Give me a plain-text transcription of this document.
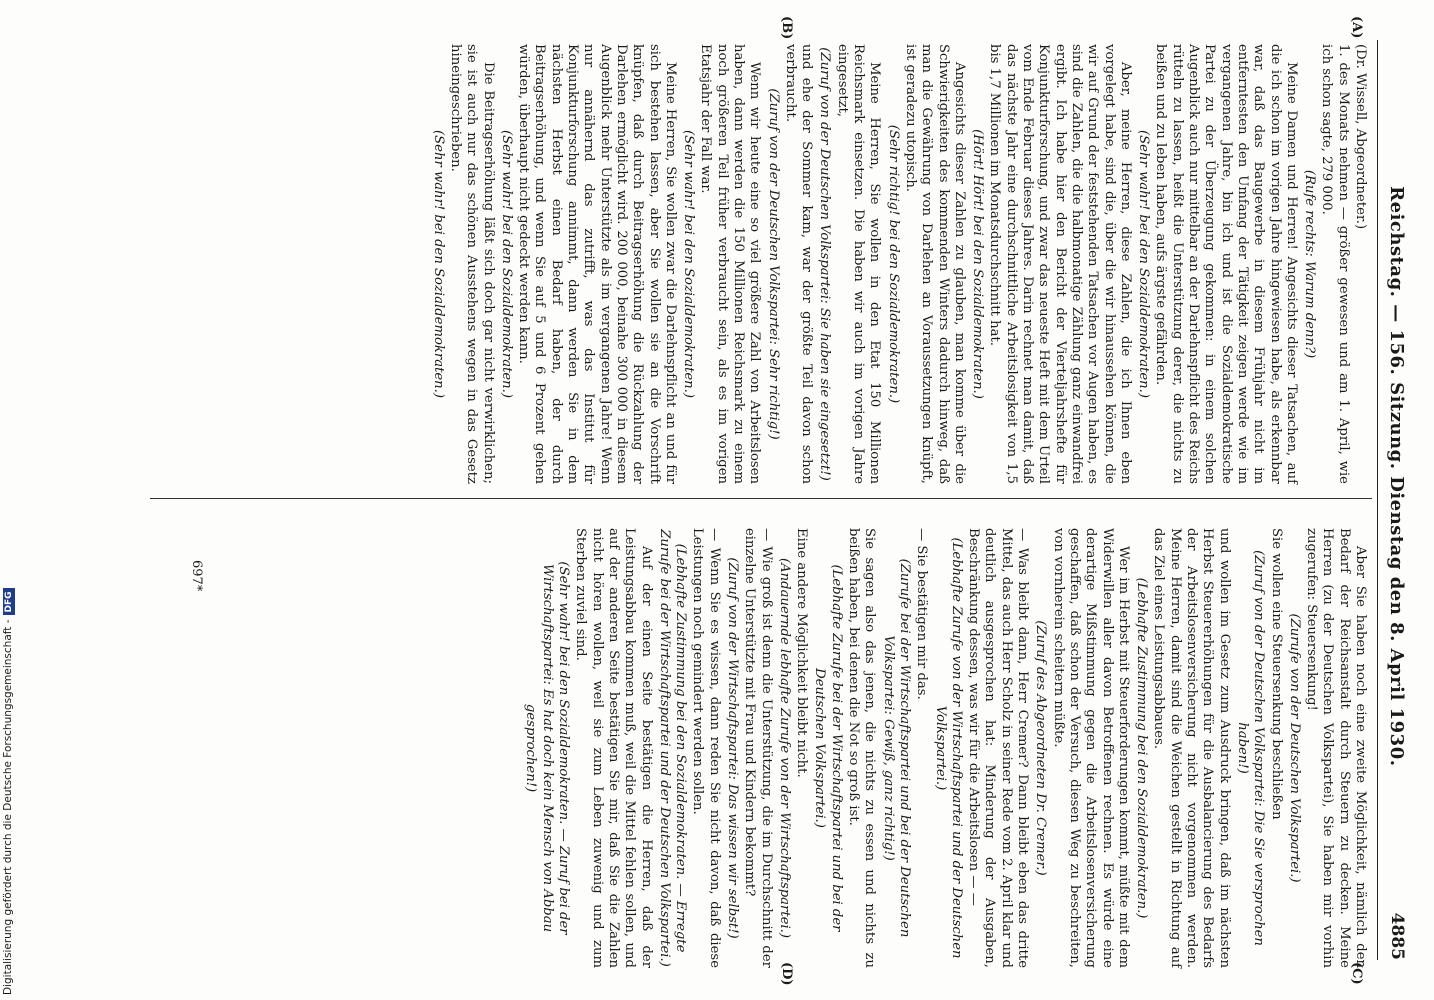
Reichstag. — 156. Sitzung. Dienstag den 8. April 1930.
4885
(A)
(B)
(C)
(D)

(Dr. Wissell, Abgeordneter.)

1. des Monats nehmen — größer gewesen und am 1. April, wie ich schon sagte, 279 000.

(Rufe rechts: Warum denn?)

Meine Damen und Herren! Angesichts dieser Tatsachen, auf die ich schon im vorigen Jahre hingewiesen habe, als erkennbar war, daß das Baugewerbe in diesem Frühjahr nicht im entferntesten den Umfang der Tätigkeit zeigen werde wie im vergangenen Jahre, bin ich und ist die Sozialdemokratische Partei zu der Überzeugung gekommen: in einem solchen Augenblick auch nur mittelbar an der Darlehnspflicht des Reichs rütteln zu lassen, heißt die Unterstützung derer, die nichts zu beißen und zu leben haben, aufs ärgste gefährden.

(Sehr wahr! bei den Sozialdemokraten.)

Aber, meine Herren, diese Zahlen, die ich Ihnen eben vorgelegt habe, sind die, über die wir hinaussehen können, die wir auf Grund der feststehenden Tatsachen vor Augen haben, es sind die Zahlen, die die halbmonatige Zählung ganz einwandfrei ergibt. Ich habe hier den Bericht der Vierteljahrshefte für Konjunkturforschung, und zwar das neueste Heft mit dem Urteil vom Ende Februar dieses Jahres. Darin rechnet man damit, daß das nächste Jahr eine durchschnittliche Arbeitslosigkeit von 1,5 bis 1,7 Millionen im Monatsdurchschnitt hat.

(Hört! Hört! bei den Sozialdemokraten.)

Angesichts dieser Zahlen zu glauben, man komme über die Schwierigkeiten des kommenden Winters dadurch hinweg, daß man die Gewährung von Darlehen an Voraussetzungen knüpft, ist geradezu utopisch.

(Sehr richtig! bei den Sozialdemokraten.)

Meine Herren, Sie wollen in den Etat 150 Millionen Reichsmark einsetzen. Die haben wir auch im vorigen Jahre eingesetzt,

(Zuruf von der Deutschen Volkspartei: Sie haben sie eingesetzt!)

und ehe der Sommer kam, war der größte Teil davon schon verbraucht.

(Zuruf von der Deutschen Volkspartei: Sehr richtig!)

Wenn wir heute eine so viel größere Zahl von Arbeitslosen haben, dann werden die 150 Millionen Reichsmark zu einem noch größeren Teil früher verbraucht sein, als es im vorigen Etatsjahr der Fall war.

(Sehr wahr! bei den Sozialdemokraten.)

Meine Herren, Sie wollen zwar die Darlehnspflicht an und für sich bestehen lassen, aber Sie wollen sie an die Vorschrift knüpfen, daß durch Beitragserhöhung die Rückzahlung der Darlehen ermöglicht wird. 200 000, beinahe 300 000 in diesem Augenblick mehr Unterstützte als im vergangenen Jahre! Wenn nur annähernd das zutrifft, was das Institut für Konjunkturforschung annimmt, dann werden Sie in dem nächsten Herbst einen Bedarf haben, der durch Beitragserhöhung, und wenn Sie auf 5 und 6 Prozent gehen würden, überhaupt nicht gedeckt werden kann.

(Sehr wahr! bei den Sozialdemokraten.)

Die Beitragserhöhung läßt sich doch gar nicht verwirklichen; sie ist auch nur das schönen Ausstehens wegen in das Gesetz hineingeschrieben.

(Sehr wahr! bei den Sozialdemokraten.)

Aber Sie haben noch eine zweite Möglichkeit, nämlich den Bedarf der Reichsanstalt durch Steuern zu decken. Meine Herren (zu der Deutschen Volkspartei), Sie haben mir vorhin zugerufen: Steuersenkung!

(Zurufe von der Deutschen Volkspartei.)

Sie wollen eine Steuersenkung beschließen

(Zuruf von der Deutschen Volkspartei: Die Sie versprochen haben!)

und wollen im Gesetz zum Ausdruck bringen, daß im nächsten Herbst Steuererhöhungen für die Ausbalancierung des Bedarfs der Arbeitslosenversicherung nicht vorgenommen werden. Meine Herren, damit sind die Weichen gestellt in Richtung auf das Ziel eines Leistungsabbaues.

(Lebhafte Zustimmung bei den Sozialdemokraten.)

Wer im Herbst mit Steuerforderungen kommt, müßte mit dem Widerwillen aller davon Betroffenen rechnen. Es würde eine derartige Mißstimmung gegen die Arbeitslosenversicherung geschaffen, daß schon der Versuch, diesen Weg zu beschreiten, von vornherein scheitern müßte.

(Zuruf des Abgeordneten Dr. Cremer.)

— Was bleibt dann, Herr Cremer? Dann bleibt eben das dritte Mittel, das auch Herr Scholz in seiner Rede vom 2. April klar und deutlich ausgesprochen hat: Minderung der Ausgaben, Beschränkung dessen, was wir für die Arbeitslosen — —

(Lebhafte Zurufe von der Wirtschaftspartei und der Deutschen Volkspartei.)

— Sie bestätigen mir das.

(Zurufe bei der Wirtschaftspartei und bei der Deutschen Volkspartei: Gewiß, ganz richtig!)

Sie sagen also das jenen, die nichts zu essen und nichts zu beißen haben, bei denen die Not so groß ist.

(Lebhafte Zurufe bei der Wirtschaftspartei und bei der Deutschen Volkspartei.)

Eine andere Möglichkeit bleibt nicht.

(Andauernde lebhafte Zurufe von der Wirtschaftspartei.)

— Wie groß ist denn die Unterstützung, die im Durchschnitt der einzelne Unterstützte mit Frau und Kindern bekommt?

(Zuruf von der Wirtschaftspartei: Das wissen wir selbst!)

— Wenn Sie es wissen, dann reden Sie nicht davon, daß diese Leistungen noch gemindert werden sollen.

(Lebhafte Zustimmung bei den Sozialdemokraten. — Erregte Zurufe bei der Wirtschaftspartei und der Deutschen Volkspartei.)

Auf der einen Seite bestätigen die Herren, daß der Leistungsabbau kommen muß, weil die Mittel fehlen sollen, und auf der anderen Seite bestätigen Sie mir, daß Sie die Zahlen nicht hören wollen, weil sie zum Leben zuwenig und zum Sterben zuviel sind.

(Sehr wahr! bei den Sozialdemokraten. — Zuruf bei der Wirtschaftspartei: Es hat doch kein Mensch von Abbau gesprochen!)

697*
Digitalisierung gefördert durch die Deutsche Forschungsgemeinschaft -DFG
